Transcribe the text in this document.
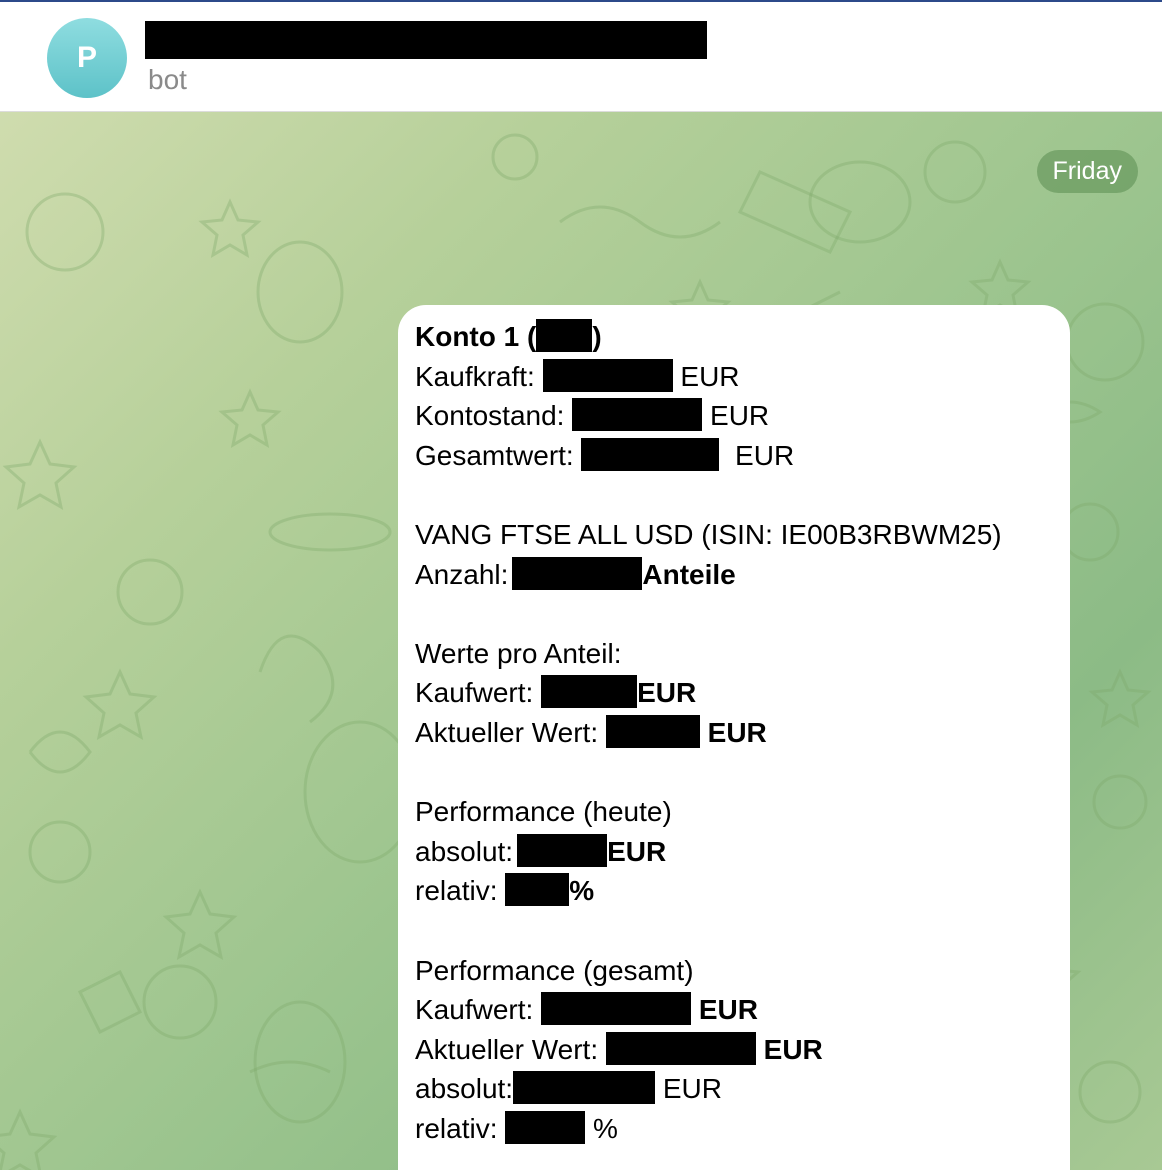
P
bot
Friday
Konto 1 ( )
Kaufkraft:	EUR
Kontostand:	EUR
Gesamtwert:	EUR
VANG FTSE ALL USD (ISIN: IE00B3RBWM25)
Anzahl:	Anteile
Werte pro Anteil:
Kaufwert:	EUR
Aktueller Wert:	EUR
Performance (heute)
absolut:	EUR
relativ:	%
Performance (gesamt)
Kaufwert:	EUR
Aktueller Wert:	EUR
absolut:	EUR
relativ:	%
